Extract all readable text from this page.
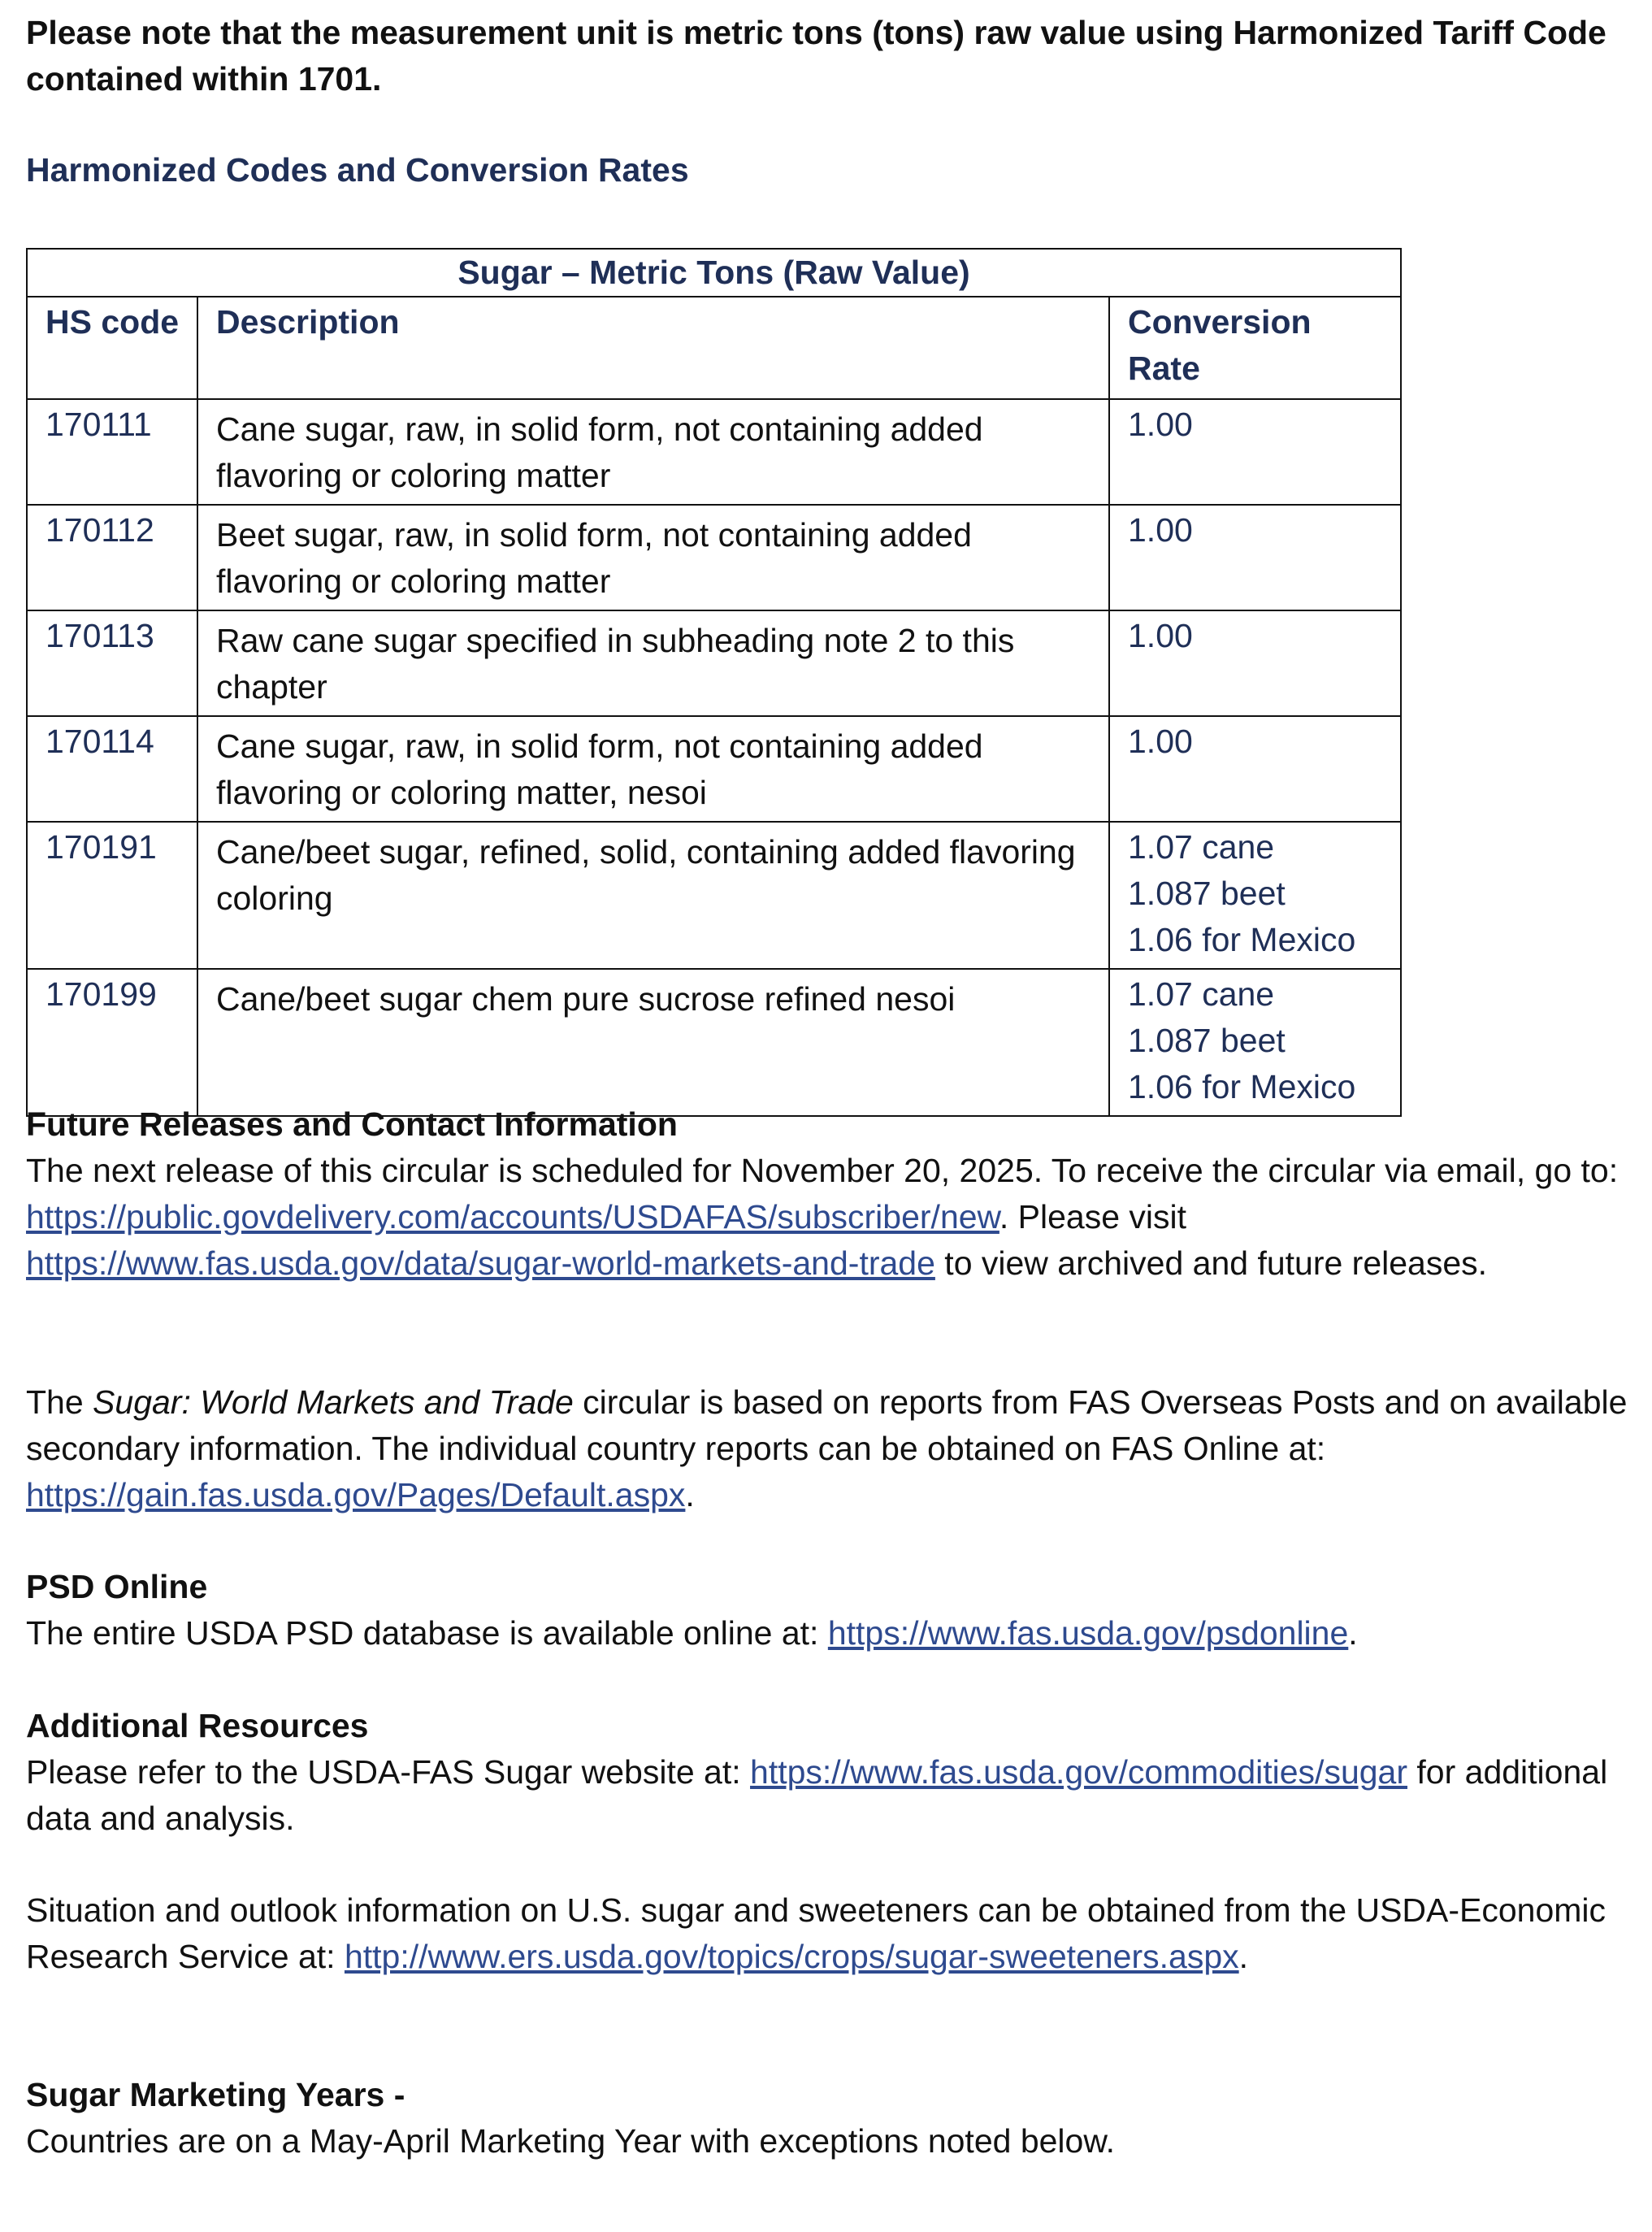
Please note that the measurement unit is metric tons (tons) raw value using Harmonized Tariff Code contained within 1701.

Harmonized Codes and Conversion Rates
Sugar – Metric Tons (Raw Value)		
HS code	Description	Conversion Rate
170111	Cane sugar, raw, in solid form, not containing added flavoring or coloring matter	1.00

170112	Beet sugar, raw, in solid form, not containing added flavoring or coloring matter	1.00

170113	Raw cane sugar specified in subheading note 2 to this chapter	1.00

170114	Cane sugar, raw, in solid form, not containing added flavoring or coloring matter, nesoi	1.00

170191	Cane/beet sugar, refined, solid, containing added flavoring coloring	1.07 cane
1.087 beet
1.06 for Mexico

170199	Cane/beet sugar chem pure sucrose refined nesoi	1.07 cane
1.087 beet
1.06 for Mexico
Future Releases and Contact Information

The next release of this circular is scheduled for November 20, 2025. To receive the circular via email, go to: https://public.govdelivery.com/accounts/USDAFAS/subscriber/new. Please visit https://www.fas.usda.gov/data/sugar-world-markets-and-trade to view archived and future releases.

The Sugar: World Markets and Trade circular is based on reports from FAS Overseas Posts and on available secondary information. The individual country reports can be obtained on FAS Online at: https://gain.fas.usda.gov/Pages/Default.aspx.

PSD Online

The entire USDA PSD database is available online at: https://www.fas.usda.gov/psdonline.

Additional Resources

Please refer to the USDA-FAS Sugar website at: https://www.fas.usda.gov/commodities/sugar for additional data and analysis.

Situation and outlook information on U.S. sugar and sweeteners can be obtained from the USDA-Economic Research Service at: http://www.ers.usda.gov/topics/crops/sugar-sweeteners.aspx.

Sugar Marketing Years -

Countries are on a May-April Marketing Year with exceptions noted below.
